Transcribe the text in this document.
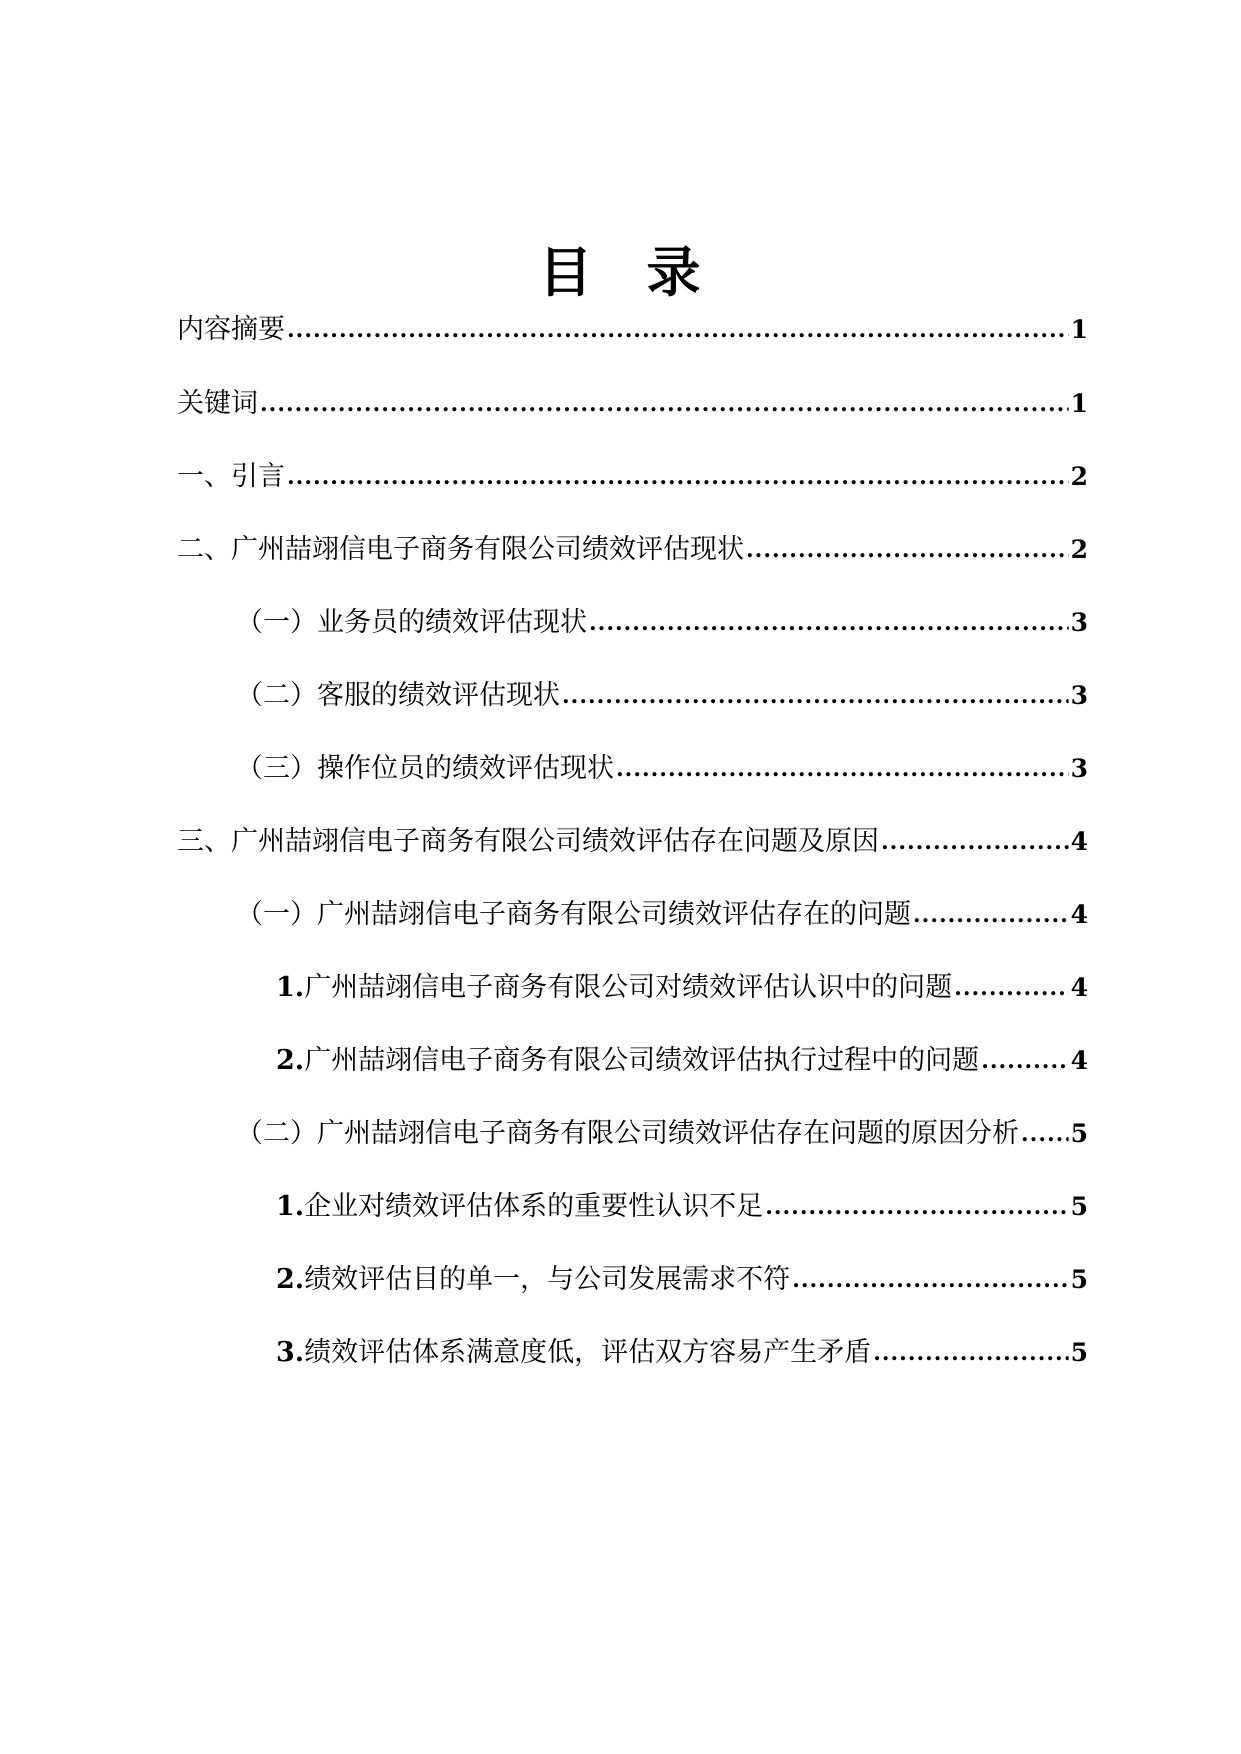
目 录
内容摘要 .....	1
关键词 .....	1
一、引言 .....	2
二、广州喆翊信电子商务有限公司绩效评估现状 .....	2
（一）业务员的绩效评估现状 .....	3
（二）客服的绩效评估现状 .....	3
（三）操作位员的绩效评估现状 .....	3
三、广州喆翊信电子商务有限公司绩效评估存在问题及原因 .....	4
（一）广州喆翊信电子商务有限公司绩效评估存在的问题 .....	4
1.广州喆翊信电子商务有限公司对绩效评估认识中的问题 .....	4
2.广州喆翊信电子商务有限公司绩效评估执行过程中的问题 .....	4
（二）广州喆翊信电子商务有限公司绩效评估存在问题的原因分析 ..... 5
1.企业对绩效评估体系的重要性认识不足 .....	5
2.绩效评估目的单一，与公司发展需求不符 .....	5
3.绩效评估体系满意度低，评估双方容易产生矛盾 .....	5
